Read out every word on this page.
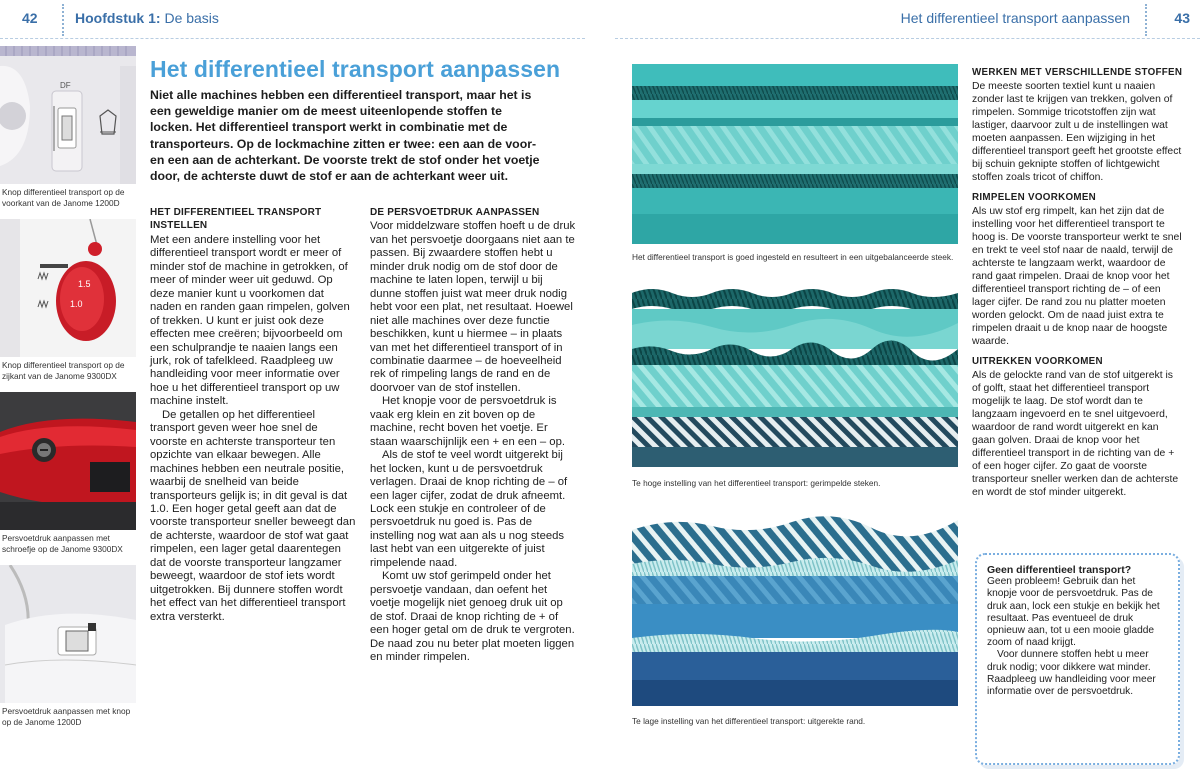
42	Hoofdstuk 1: De basis	Het differentieel transport aanpassen	43
DF
Knop differentieel transport op de voorkant van de Janome 1200D
1.5
1.0
Knop differentieel transport op de zijkant van de Janome 9300DX
Persvoetdruk aanpassen met schroefje op de Janome 9300DX
Persvoetdruk aanpassen met knop op de Janome 1200D
Het differentieel transport aanpassen

Niet alle machines hebben een differentieel transport, maar het is een geweldige manier om de meest uiteenlopende stoffen te locken. Het differentieel transport werkt in combinatie met de transporteurs. Op de lockmachine zitten er twee: een aan de voor- en een aan de achterkant. De voorste trekt de stof onder het voetje door, de achterste duwt de stof er aan de achterkant weer uit.

HET DIFFERENTIEEL TRANSPORT INSTELLEN

Met een andere instelling voor het differentieel transport wordt er meer of minder stof de machine in getrokken, of meer of minder weer uit geduwd. Op deze manier kunt u voorkomen dat naden en randen gaan rimpelen, golven of trekken. U kunt er juist ook deze effecten mee creëren; bijvoorbeeld om een schulprandje te naaien langs een jurk, rok of tafelkleed. Raadpleeg uw handleiding voor meer informatie over hoe u het differentieel transport op uw machine instelt.

De getallen op het differentieel transport geven weer hoe snel de voorste en achterste transporteur ten opzichte van elkaar bewegen. Alle machines hebben een neutrale positie, waarbij de snelheid van beide transporteurs gelijk is; in dit geval is dat 1.0. Een hoger getal geeft aan dat de voorste transporteur sneller beweegt dan de achterste, waardoor de stof wat gaat rimpelen, een lager getal daarentegen dat de voorste transporteur langzamer beweegt, waardoor de stof iets wordt uitgetrokken. Bij dunnere stoffen wordt het effect van het differentieel transport extra versterkt.

DE PERSVOETDRUK AANPASSEN

Voor middelzware stoffen hoeft u de druk van het persvoetje doorgaans niet aan te passen. Bij zwaardere stoffen hebt u minder druk nodig om de stof door de machine te laten lopen, terwijl u bij dunne stoffen juist wat meer druk nodig hebt voor een plat, net resultaat. Hoewel niet alle machines over deze functie beschikken, kunt u hiermee – in plaats van met het differentieel transport of in combinatie daarmee – de hoeveelheid rek of rimpeling langs de rand en de doorvoer van de stof instellen.

Het knopje voor de persvoetdruk is vaak erg klein en zit boven op de machine, recht boven het voetje. Er staan waarschijnlijk een + en een – op.

Als de stof te veel wordt uitgerekt bij het locken, kunt u de persvoetdruk verlagen. Draai de knop richting de – of een lager cijfer, zodat de druk afneemt. Lock een stukje en controleer of de persvoetdruk nu goed is. Pas de instelling nog wat aan als u nog steeds last hebt van een uitgerekte of juist rimpelende naad.

Komt uw stof gerimpeld onder het persvoetje vandaan, dan oefent het voetje mogelijk niet genoeg druk uit op de stof. Draai de knop richting de + of een hoger getal om de druk te vergroten. De naad zou nu beter plat moeten liggen en minder rimpelen.

Het differentieel transport is goed ingesteld en resulteert in een uitgebalanceerde steek.
Te hoge instelling van het differentieel transport: gerimpelde steken.
Te lage instelling van het differentieel transport: uitgerekte rand.
WERKEN MET VERSCHILLENDE STOFFEN

De meeste soorten textiel kunt u naaien zonder last te krijgen van trekken, golven of rimpelen. Sommige tricotstoffen zijn wat lastiger, daarvoor zult u de instellingen wat moeten aanpassen. Een wijziging in het differentieel transport geeft het grootste effect bij schuin geknipte stoffen of lichtgewicht stoffen zoals tricot of chiffon.

RIMPELEN VOORKOMEN

Als uw stof erg rimpelt, kan het zijn dat de instelling voor het differentieel transport te hoog is. De voorste transporteur werkt te snel en trekt te veel stof naar de naald, terwijl de achterste te langzaam werkt, waardoor de rand gaat rimpelen. Draai de knop voor het differentieel transport richting de – of een lager cijfer. De rand zou nu platter moeten worden gelockt. Om de naad juist extra te rimpelen draait u de knop naar de hoogste waarde.

UITREKKEN VOORKOMEN

Als de gelockte rand van de stof uitgerekt is of golft, staat het differentieel transport mogelijk te laag. De stof wordt dan te langzaam ingevoerd en te snel uitgevoerd, waardoor de rand wordt uitgerekt en kan gaan golven. Draai de knop voor het differentieel transport in de richting van de + of een hoger cijfer. Zo gaat de voorste transporteur sneller werken dan de achterste en wordt de stof minder uitgerekt.

Geen differentieel transport?

Geen probleem! Gebruik dan het knopje voor de persvoetdruk. Pas de druk aan, lock een stukje en bekijk het resultaat. Pas eventueel de druk opnieuw aan, tot u een mooie gladde zoom of naad krijgt.

Voor dunnere stoffen hebt u meer druk nodig; voor dikkere wat minder. Raadpleeg uw handleiding voor meer informatie over de persvoetdruk.
